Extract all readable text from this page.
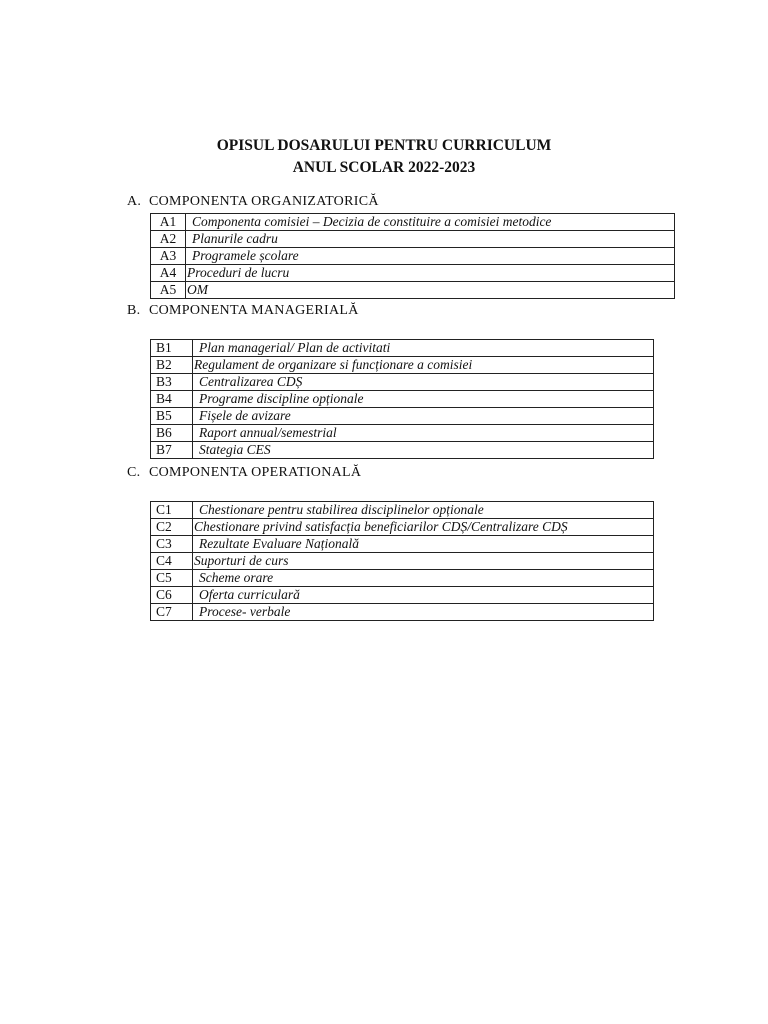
OPISUL DOSARULUI PENTRU CURRICULUM
ANUL SCOLAR 2022-2023
A. COMPONENTA ORGANIZATORICĂ
A1	Componenta comisiei – Decizia de constituire a comisiei metodice
A2	Planurile cadru
A3	Programele școlare
A4	Proceduri de lucru
A5	OM
B. COMPONENTA MANAGERIALĂ
B1	Plan managerial/ Plan de activitati
B2	Regulament de organizare si funcționare a comisiei
B3	Centralizarea CDȘ
B4	Programe discipline opționale
B5	Fișele de avizare
B6	Raport annual/semestrial
B7	Stategia CES
C. COMPONENTA OPERATIONALĂ
C1	Chestionare pentru stabilirea disciplinelor opționale
C2	Chestionare privind satisfacția beneficiarilor CDȘ/Centralizare CDȘ
C3	Rezultate Evaluare Națională
C4	Suporturi de curs
C5	Scheme orare
C6	Oferta curriculară
C7	Procese- verbale
